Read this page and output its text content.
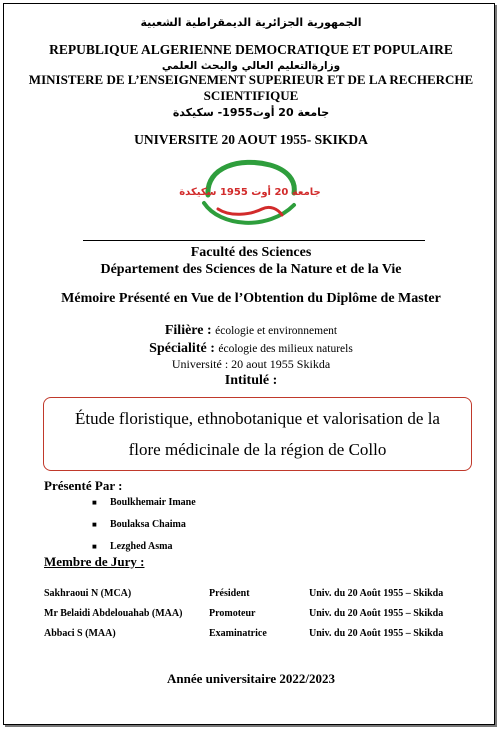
الجمهورية الجزائرية الديمقراطية الشعبية
REPUBLIQUE ALGERIENNE DEMOCRATIQUE ET POPULAIRE
وزارةالتعليم العالي والبحث العلمي
MINISTERE DE L’ENSEIGNEMENT SUPERIEUR ET DE LA RECHERCHE
SCIENTIFIQUE
جامعة 20 أوت1955- سكيكدة
UNIVERSITE 20 AOUT 1955- SKIKDA
جامعة 20 أوت 1955 سكيكدة
Faculté des Sciences
Département des Sciences de la Nature et de la Vie
Mémoire Présenté en Vue de l’Obtention du Diplôme de Master
Filière : écologie et environnement
Spécialité : écologie des milieux naturels
Université : 20 aout 1955 Skikda
Intitulé :
Étude floristique, ethnobotanique et valorisation de la
flore médicinale de la région de Collo
Présenté Par :
■ Boulkhemair Imane
■ Boulaksa Chaima
■ Lezghed Asma
Membre de Jury :
Sakhraoui N (MCA)	Président	Univ. du 20 Août 1955 – Skikda
Mr Belaidi Abdelouahab (MAA)	Promoteur	Univ. du 20 Août 1955 – Skikda
Abbaci S (MAA)	Examinatrice	Univ. du 20 Août 1955 – Skikda
Année universitaire 2022/2023
